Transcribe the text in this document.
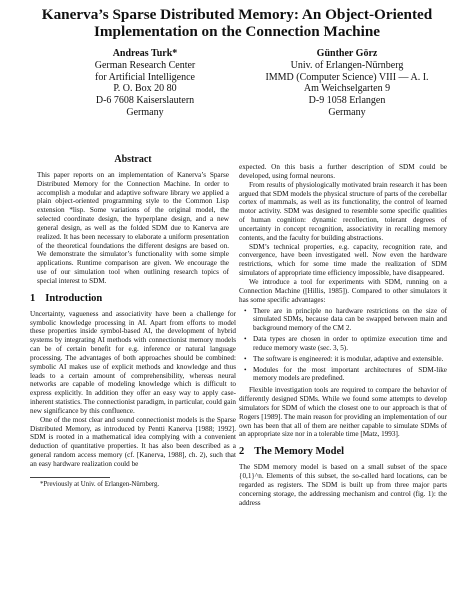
Kanerva’s Sparse Distributed Memory: An Object-Oriented
Implementation on the Connection Machine
Andreas Turk*
German Research Center
for Artificial Intelligence
P. O. Box 20 80
D-6 7608 Kaiserslautern
Germany
Günther Görz
Univ. of Erlangen-Nürnberg
IMMD (Computer Science) VIII — A. I.
Am Weichselgarten 9
D-9 1058 Erlangen
Germany
Abstract

This paper reports on an implementation of Kanerva’s Sparse Distributed Memory for the Connection Machine. In order to accomplish a modular and adaptive software library we applied a plain object-oriented programming style to the Common Lisp extension *lisp. Some variations of the original model, the selected coordinate design, the hyperplane design, and a new general design, as well as the folded SDM due to Kanerva are realized. It has been necessary to elaborate a uniform presentation of the theoretical foundations the different designs are based on. We demonstrate the simulator’s functionality with some simple applications. Runtime comparison are given. We encourage the use of our simulation tool when outlining research topics of special interest to SDM.

1 Introduction

Uncertainty, vagueness and associativity have been a challenge for symbolic knowledge processing in AI. Apart from efforts to model these properties inside symbol-based AI, the development of hybrid systems by integrating AI methods with connectionist memory models can be of certain benefit for e.g. inference or natural language processing. The advantages of both approaches should be combined: symbolic AI makes use of explicit methods and knowledge and thus leads to a certain amount of comprehensibility, whereas neural networks are capable of modeling knowledge which is difficult to express explicitly. In addition they offer an easy way to apply case-inherent statistics. The connectionist paradigm, in particular, could gain new significance by this confluence.

One of the most clear and sound connectionist models is the Sparse Distributed Memory, as introduced by Pentti Kanerva [1988; 1992]. SDM is rooted in a mathematical idea complying with a convenient deduction of quantitative properties. It has also been described as a general random access memory (cf. [Kanerva, 1988], ch. 2), such that an easy hardware realization could be

*Previously at Univ. of Erlangen-Nürnberg.

expected. On this basis a further description of SDM could be developed, using formal neurons.

From results of physiologically motivated brain research it has been argued that SDM models the physical structure of parts of the cerebellar cortex of mammals, as well as its functionality, the control of learned motor activity. SDM was designed to resemble some specific qualities of human cognition: dynamic recollection, tolerant degrees of uncertainty in concept recognition, associativity in recalling memory contents, and the faculty for building abstractions.

SDM’s technical properties, e.g. capacity, recognition rate, and convergence, have been investigated well. Now even the hardware restrictions, which for some time made the realization of SDM simulators of appropriate time efficiency impossible, have disappeared.

We introduce a tool for experiments with SDM, running on a Connection Machine ([Hillis, 1985]). Compared to other simulators it has some specific advantages:

• There are in principle no hardware restrictions on the size of simulated SDMs, because data can be swapped between main and background memory of the CM 2.
• Data types are chosen in order to optimize execution time and reduce memory waste (sec. 3, 5).
• The software is engineered: it is modular, adaptive and extensible.
• Modules for the most important architectures of SDM-like memory models are predefined.

Flexible investigation tools are required to compare the behavior of differently designed SDMs. While we found some attempts to develop simulators for SDM of which the closest one to our approach is that of Rogers [1989]. The main reason for providing an implementation of our own has been that all of them are neither capable to simulate SDMs of an appropriate size nor in a tolerable time [Matz, 1993].

2 The Memory Model

The SDM memory model is based on a small subset of the space {0,1}^n. Elements of this subset, the so-called hard locations, can be regarded as registers. The SDM is built up from three major parts concerning storage, the addressing mechanism and control (fig. 1): the address
